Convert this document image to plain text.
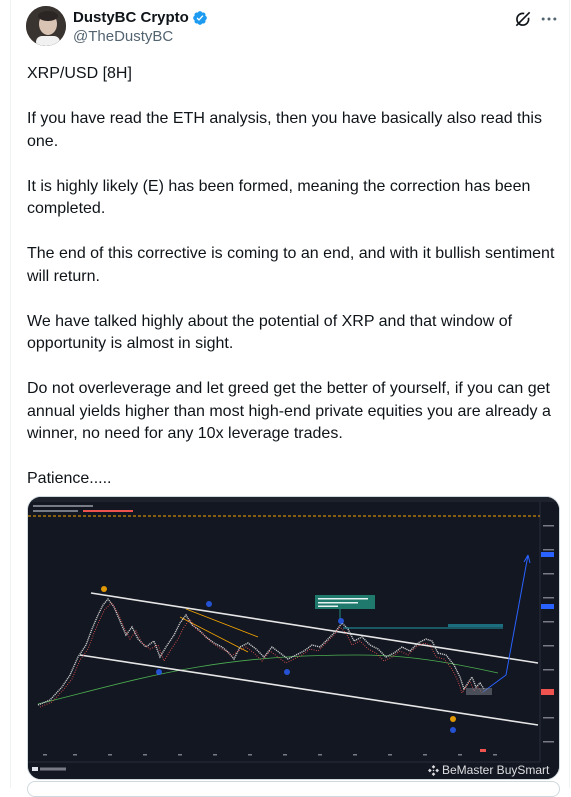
DustyBC Crypto
@TheDustyBC

XRP/USD [8H]

If you have read the ETH analysis, then you have basically also read this one.

It is highly likely (E) has been formed, meaning the correction has been completed.

The end of this corrective is coming to an end, and with it bullish sentiment will return.

We have talked highly about the potential of XRP and that window of opportunity is almost in sight.

Do not overleverage and let greed get the better of yourself, if you can get annual yields higher than most high-end private equities you are already a winner, no need for any 10x leverage trades.

Patience.....

BeMaster BuySmart
